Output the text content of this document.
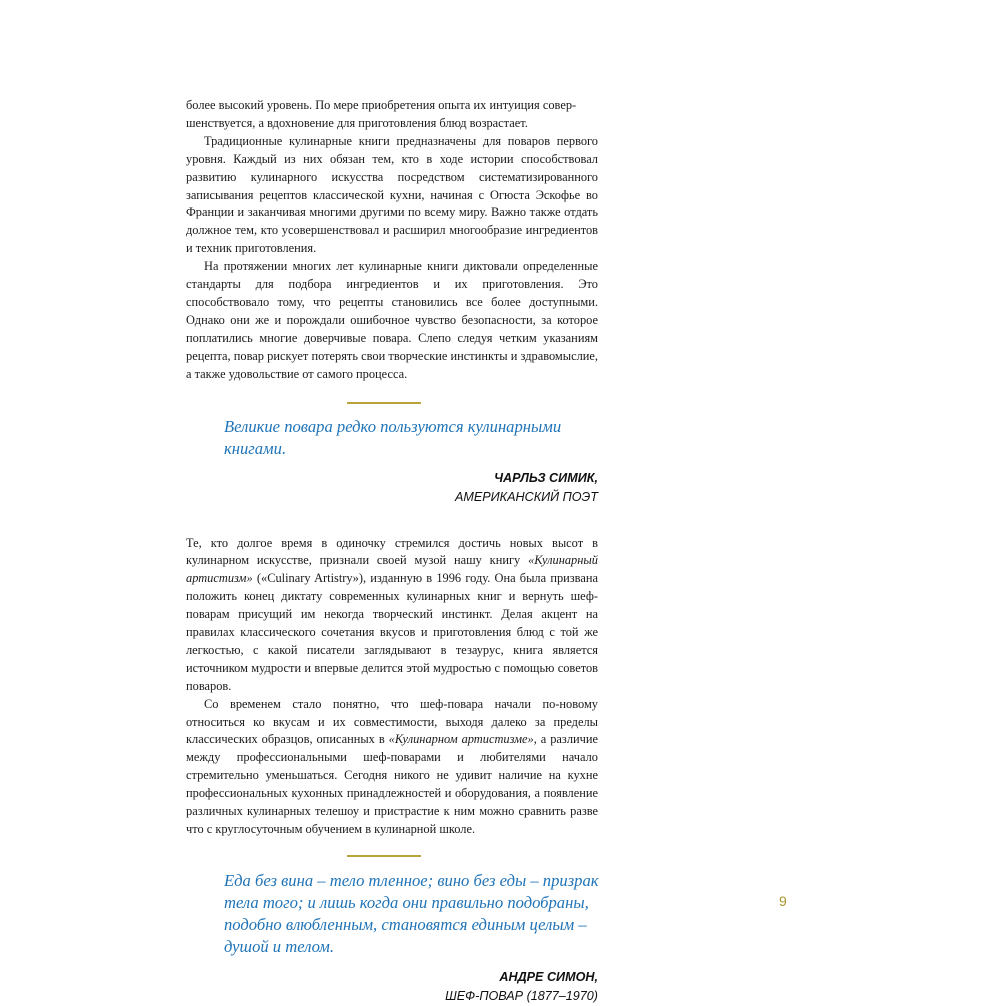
более высокий уровень. По мере приобретения опыта их интуиция совер-
шенствуется, а вдохновение для приготовления блюд возрастает.

Традиционные кулинарные книги предназначены для поваров первого уровня. Каждый из них обязан тем, кто в ходе истории способствовал развитию кулинарного искусства посредством систематизированного записывания рецептов классической кухни, начиная с Огюста Эскофье во Франции и заканчивая многими другими по всему миру. Важно также отдать должное тем, кто усовершенствовал и расширил многообразие ингредиентов и техник приготовления.

На протяжении многих лет кулинарные книги диктовали определенные стандарты для подбора ингредиентов и их приготовления. Это способствовало тому, что рецепты становились все более доступными. Однако они же и порождали ошибочное чувство безопасности, за которое поплатились многие доверчивые повара. Слепо следуя четким указаниям рецепта, повар рискует потерять свои творческие инстинкты и здравомыслие, а также удовольствие от самого процесса.

Великие повара редко пользуются кулинарными книгами.
ЧАРЛЬЗ СИМИК,
АМЕРИКАНСКИЙ ПОЭТ

Те, кто долгое время в одиночку стремился достичь новых высот в кулинарном искусстве, признали своей музой нашу книгу «Кулинарный артистизм» («Culinary Artistry»), изданную в 1996 году. Она была призвана положить конец диктату современных кулинарных книг и вернуть шеф-поварам присущий им некогда творческий инстинкт. Делая акцент на правилах классического сочетания вкусов и приготовления блюд с той же легкостью, с какой писатели заглядывают в тезаурус, книга является источником мудрости и впервые делится этой мудростью с помощью советов поваров.

Со временем стало понятно, что шеф-повара начали по-новому относиться ко вкусам и их совместимости, выходя далеко за пределы классических образцов, описанных в «Кулинарном артистизме», а различие между профессиональными шеф-поварами и любителями начало стремительно уменьшаться. Сегодня никого не удивит наличие на кухне профессиональных кухонных принадлежностей и оборудования, а появление различных кулинарных телешоу и пристрастие к ним можно сравнить разве что с круглосуточным обучением в кулинарной школе.

Еда без вина – тело тленное; вино без еды – призрак тела того; и лишь когда они правильно подобраны, подобно влюбленным, становятся единым целым – душой и телом.
АНДРЕ СИМОН,
ШЕФ-ПОВАР (1877–1970)
9
